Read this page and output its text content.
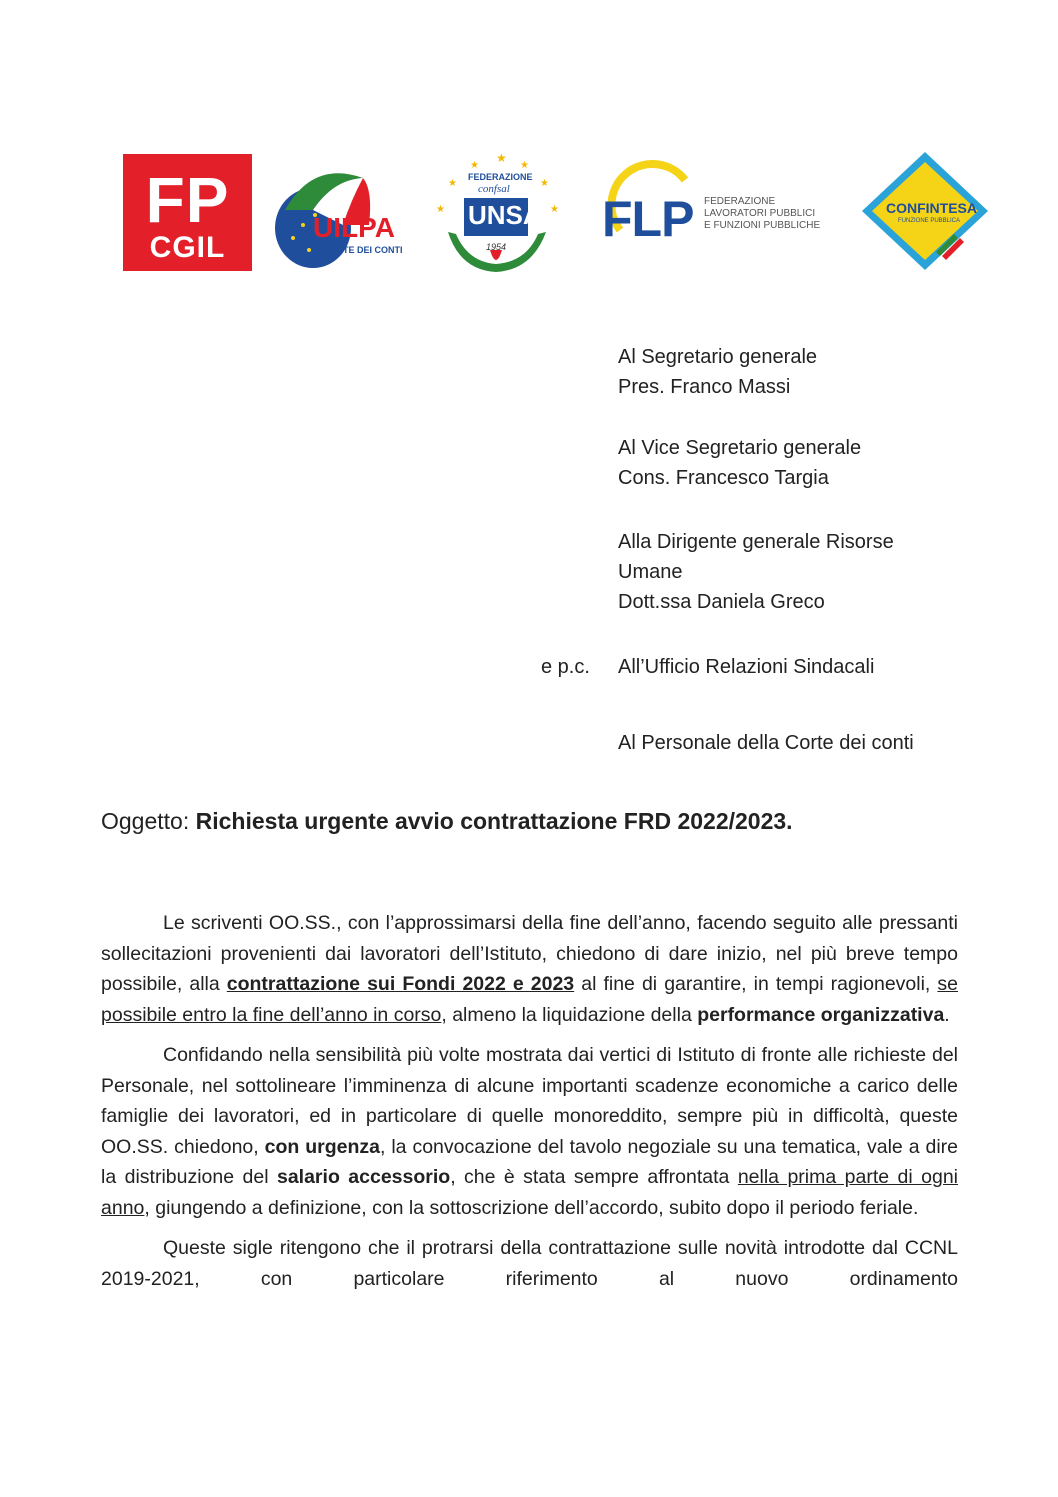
FP
CGIL
UILPA
CORTE DEI CONTI
★
★	★
★	★
★	★
FEDERAZIONE
confsal
UNSA
1954 FLP FEDERAZIONE
LAVORATORI PUBBLICI
E FUNZIONI PUBBLICHE
CONFINTESA
FUNZIONE PUBBLICA
Al Segretario generale
Pres. Franco Massi
Al Vice Segretario generale
Cons. Francesco Targia
Alla Dirigente generale Risorse
Umane
Dott.ssa Daniela Greco
e p.c. All’Ufficio Relazioni Sindacali
Al Personale della Corte dei conti
Oggetto: Richiesta urgente avvio contrattazione FRD 2022/2023.

Le scriventi OO.SS., con l’approssimarsi della fine dell’anno, facendo seguito alle pressanti sollecitazioni provenienti dai lavoratori dell’Istituto, chiedono di dare inizio, nel più breve tempo possibile, alla contrattazione sui Fondi 2022 e 2023 al fine di garantire, in tempi ragionevoli, se possibile entro la fine dell’anno in corso, almeno la liquidazione della performance organizzativa.

Confidando nella sensibilità più volte mostrata dai vertici di Istituto di fronte alle richieste del Personale, nel sottolineare l’imminenza di alcune importanti scadenze economiche a carico delle famiglie dei lavoratori, ed in particolare di quelle monoreddito, sempre più in difficoltà, queste OO.SS. chiedono, con urgenza, la convocazione del tavolo negoziale su una tematica, vale a dire la distribuzione del salario accessorio, che è stata sempre affrontata nella prima parte di ogni anno, giungendo a definizione, con la sottoscrizione dell’accordo, subito dopo il periodo feriale.

Queste sigle ritengono che il protrarsi della contrattazione sulle novità introdotte dal CCNL 2019-2021, con particolare riferimento al nuovo ordinamento
